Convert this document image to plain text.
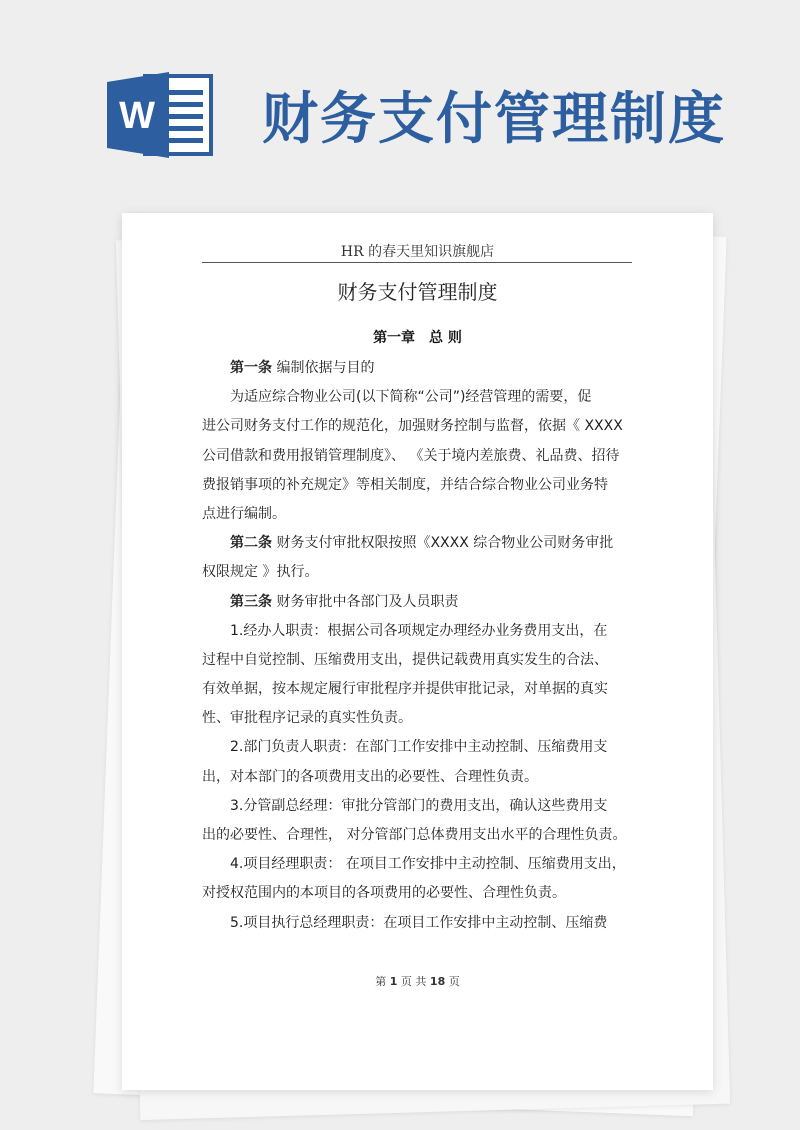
W 财务支付管理制度
HR 的春天里知识旗舰店
财务支付管理制度
第一章　总 则
第一条 编制依据与目的
为适应综合物业公司(以下简称“公司”)经营管理的需要，促
进公司财务支付工作的规范化，加强财务控制与监督，依据《 XXXX
公司借款和费用报销管理制度》、 《关于境内差旅费、礼品费、招待
费报销事项的补充规定》等相关制度，并结合综合物业公司业务特
点进行编制。
第二条 财务支付审批权限按照《XXXX 综合物业公司财务审批
权限规定 》执行。
第三条 财务审批中各部门及人员职责
1.经办人职责：根据公司各项规定办理经办业务费用支出，在
过程中自觉控制、压缩费用支出，提供记载费用真实发生的合法、
有效单据，按本规定履行审批程序并提供审批记录，对单据的真实
性、审批程序记录的真实性负责。
2.部门负责人职责：在部门工作安排中主动控制、压缩费用支
出，对本部门的各项费用支出的必要性、合理性负责。
3.分管副总经理：审批分管部门的费用支出，确认这些费用支
出的必要性、合理性， 对分管部门总体费用支出水平的合理性负责。
4.项目经理职责： 在项目工作安排中主动控制、压缩费用支出，
对授权范围内的本项目的各项费用的必要性、合理性负责。
5.项目执行总经理职责：在项目工作安排中主动控制、压缩费
第 1 页 共 18 页
